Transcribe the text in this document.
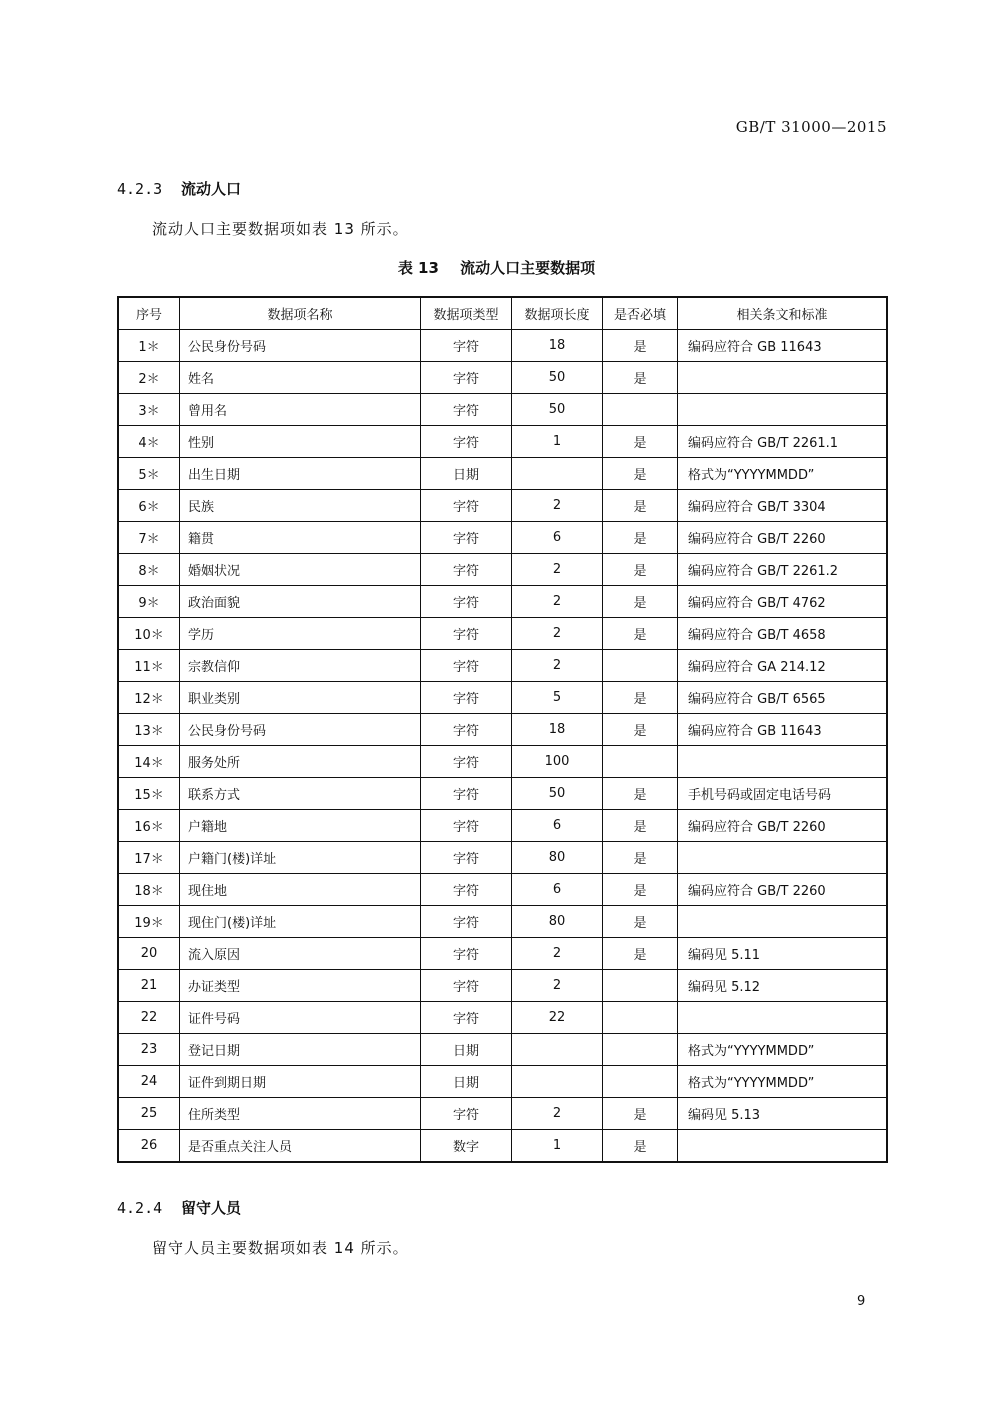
GB/T 31000—2015
4.2.3 流动人口
流动人口主要数据项如表 13 所示。
表 13 流动人口主要数据项
序号	数据项名称	数据项类型	数据项长度	是否必填	相关条文和标准
1＊	公民身份号码	字符	18	是	编码应符合 GB 11643
2＊	姓名	字符	50	是	
3＊	曾用名	字符	50		
4＊	性别	字符	1	是	编码应符合 GB/T 2261.1
5＊	出生日期	日期		是	格式为“YYYYMMDD”
6＊	民族	字符	2	是	编码应符合 GB/T 3304
7＊	籍贯	字符	6	是	编码应符合 GB/T 2260
8＊	婚姻状况	字符	2	是	编码应符合 GB/T 2261.2
9＊	政治面貌	字符	2	是	编码应符合 GB/T 4762
10＊	学历	字符	2	是	编码应符合 GB/T 4658
11＊	宗教信仰	字符	2		编码应符合 GA 214.12
12＊	职业类别	字符	5	是	编码应符合 GB/T 6565
13＊	公民身份号码	字符	18	是	编码应符合 GB 11643
14＊	服务处所	字符	100		
15＊	联系方式	字符	50	是	手机号码或固定电话号码
16＊	户籍地	字符	6	是	编码应符合 GB/T 2260
17＊	户籍门(楼)详址	字符	80	是	
18＊	现住地	字符	6	是	编码应符合 GB/T 2260
19＊	现住门(楼)详址	字符	80	是	
20	流入原因	字符	2	是	编码见 5.11
21	办证类型	字符	2		编码见 5.12
22	证件号码	字符	22		
23	登记日期	日期			格式为“YYYYMMDD”
24	证件到期日期	日期			格式为“YYYYMMDD”
25	住所类型	字符	2	是	编码见 5.13
26	是否重点关注人员	数字	1	是	
4.2.4 留守人员
留守人员主要数据项如表 14 所示。
9
